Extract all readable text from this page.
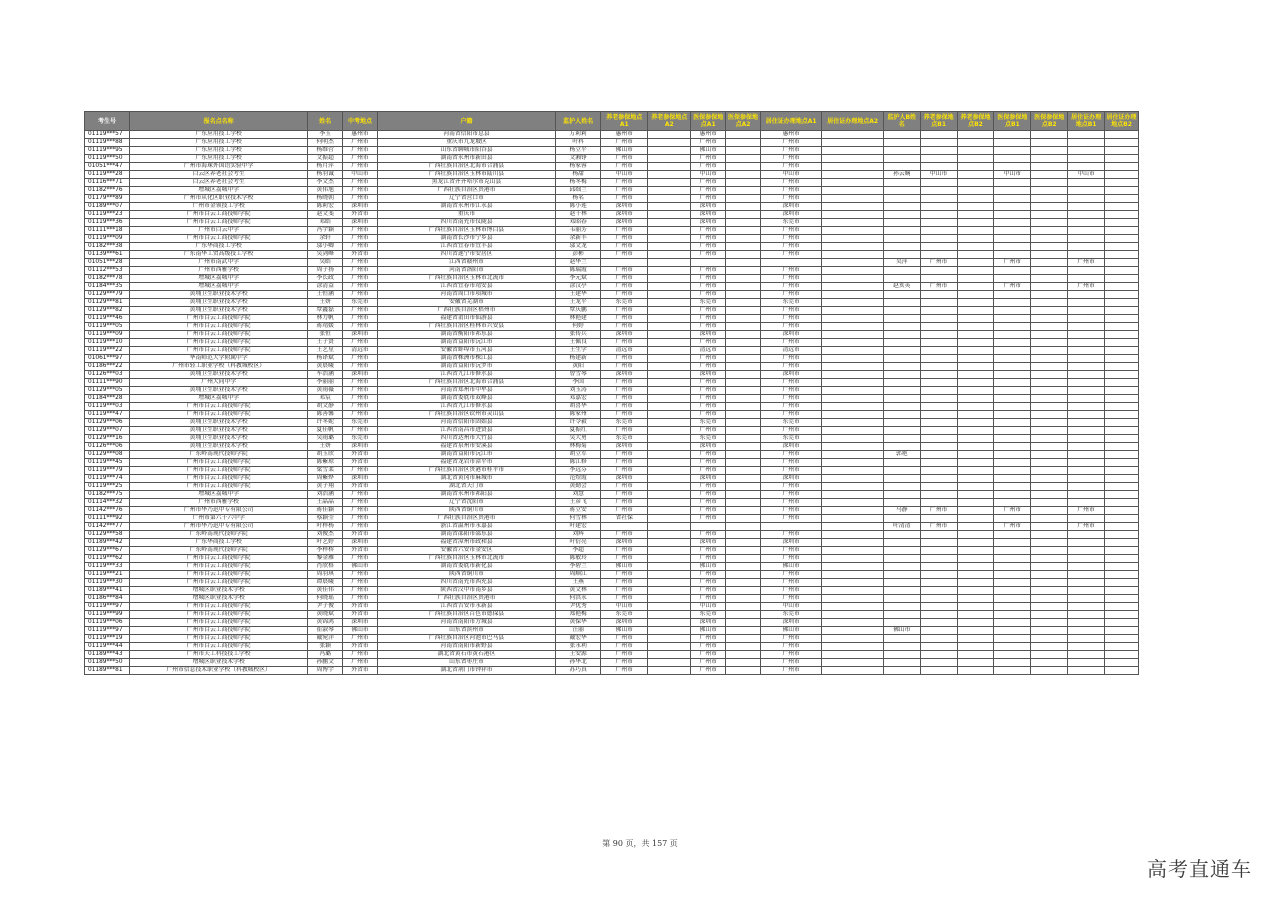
考生号	报名点名称	姓名	中考地点	户籍	监护人姓名	养老参保地点A1	养老参保地点A2	医保参保地点A1	医保参保地点A2	居住证办理地点A1	居住证办理地点A2	监护人B姓名	养老参保地点B1	养老参保地点B2	医保参保地点B1	医保参保地点B2	居住证办理地点B1	居住证办理地点B2
01119***57	广东应用技工学校	李玉	惠州市	河南省信阳市息县	万莉莉	惠州市		惠州市		惠州市								
01119***88	广东应用技工学校	何明杰	广州市	重庆市九龙坡区	叶科	广州市		广州市		广州市								
01119***95	广东应用技工学校	杨维营	广州市	山东省聊城市阳谷县	杨立平	佛山市		佛山市		广州市								
01119***50	广东应用技工学校	文振超	广州市	湖南省永州市新田县	文湘铮	广州市		广州市		广州市								
01051***47	广州市海珠外国语实验中学	杨月萍	广州市	广西壮族自治区北海市合浦县	杨家蓉	广州市		广州市		广州市								
01119***28	白云区养老社会考生	杨羽诚	中山市	广西壮族自治区玉林市陆川县	杨甜	中山市		中山市		中山市		孙云娴	中山市		中山市		中山市	
01116***71	白云区养老社会考生	李文杰	广州市	黑龙江省齐齐哈尔市克山县	杨冬梅	广州市		广州市		广州市								
01182***76	增城区荔城中学	黄伟旭	广州市	广西壮族自治区贵港市	邱细兰	广州市		广州市		广州市								
01179***89	广州市从化区职业技术学校	杨晓朝	广州市	辽宁省营口市	杨名	广州市		广州市		广州市								
01189***07	广州市金领技工学校	陈莉宏	深圳市	湖南省永州市江永县	陈小莲	深圳市		深圳市		深圳市								
01119***23	广州市白云工商技师学院	赵文斐	外省市	重庆市	赵千林	深圳市		深圳市		深圳市								
01119***36	广州市白云工商技师学院	邓皓	深圳市	四川省南充市仪陇县	邓昭春	深圳市		深圳市		东莞市								
01111***18	广州市白云中学	冯宇颖	广州市	广西壮族自治区玉林市博白县	韦丽芳	广州市		广州市		广州市								
01119***09	广州市白云工商技师学院	余轩	广州市	湖南省长沙市宁乡县	余新丰	广州市		广州市		广州市								
01182***38	广东华商技工学校	邬小卿	广州市	江西省宜春市宜丰县	邬文龙	广州市		广州市		广州市								
01139***61	广东南华工贸高级技工学校	吴剑峰	外省市	四川省遂宁市安居区	彭彬	广州市		广州市		广州市								
01051***28	广州市南武中学	吴皓	广州市	江西省赣州市	赵华兰							吴萍	广州市		广州市		广州市	
01112***53	广州市西雅学校	周子扬	广州市	河南省洛阳市	陈瑞霞	广州市		广州市		广州市								
01182***78	增城区荔城中学	李长政	广州市	广西壮族自治区玉林市北流市	李元斌	广州市		广州市		广州市								
01184***35	增城区荔城中学	涂清益	广州市	江西省宜春市靖安县	涂汉亭	广州市		广州市		广州市		赵亥英	广州市		广州市		广州市	
01129***79	黄埔卫生职业技术学校	王恒涵	广州市	河南省周口市项城市	王建华	广州市		广州市		广州市								
01129***81	黄埔卫生职业技术学校	王妍	东莞市	安徽省芜湖市	王龙平	东莞市		东莞市		东莞市								
01129***82	黄埔卫生职业技术学校	覃鑫磊	广州市	广西壮族自治区梧州市	覃庆鹏	广州市		广州市		广州市								
01119***46	广州市白云工商技师学院	林力帆	广州市	福建省莆田市仙游县	林艳建	广州市		广州市		广州市								
01119***05	广州市白云工商技师学院	蒋靖媛	广州市	广西壮族自治区桂林市兴安县	何婷	广州市		广州市		广州市								
01119***09	广州市白云工商技师学院	张恒	深圳市	湖南省衡阳市祁东县	张传兵	深圳市		深圳市		深圳市								
01119***10	广州市白云工商技师学院	王子贤	广州市	湖南省益阳市沅江市	王佩良	广州市		广州市		广州市								
01119***22	广州市白云工商技师学院	王艺星	清远市	安徽省蚌埠市五河县	王生学	清远市		清远市		清远市								
01061***97	华南师范大学附属中学	杨译斌	广州市	湖南省株洲市株江县	杨建新	广州市		广州市		广州市								
01186***22	广州市轻工职业学校（科教城校区）	黄晨曦	广州市	湖南省益阳市沅罗市	黄阳	广州市		广州市		广州市								
01126***03	黄埔卫生职业技术学校	车浩涵	深圳市	江西省九江市修水县	曾雪琴	深圳市		深圳市		深圳市								
01111***90	广州大同中学	李丽丽	广州市	广西壮族自治区北海市合浦县	李国	广州市		广州市		广州市								
01129***05	黄埔卫生职业技术学校	黄雨薇	广州市	河南省郑州市中牟县	刘玉涛	广州市		广州市		广州市								
01184***28	增城区荔城中学	邓宸	广州市	湖南省娄底市双峰县	邓嘉宏	广州市		广州市		广州市								
01119***03	广州市白云工商技师学院	胡文静	广州市	江西省九江市修水县	胡喜华	广州市		广州市		广州市								
01119***47	广州市白云工商技师学院	陈善馨	广州市	广西壮族自治区钦州市灵山县	陈家州	广州市		广州市		广州市								
01129***06	黄埔卫生职业技术学校	许冬妮	东莞市	河南省信阳市固始县	许令毅	东莞市		东莞市		东莞市								
01129***07	黄埔卫生职业技术学校	夏佳帆	广州市	江西省南昌市进贤县	夏振红	广州市		广州市		广州市								
01129***16	黄埔卫生职业技术学校	吴雨璐	东莞市	四川省达州市大竹县	吴大勇	东莞市		东莞市		东莞市								
01126***06	黄埔卫生职业技术学校	王妍	深圳市	福建省泉州市安溪县	林梅菊	深圳市		深圳市		深圳市								
01129***08	广东岭南现代技师学院	胡玉欣	外省市	湖南省益阳市沅江市	胡立军	广州市		广州市		广州市		郭艳						
01119***45	广州市白云工商技师学院	陈紫琼	外省市	福建省龙岩市漳平市	陈江修	广州市		广州市		广州市								
01119***79	广州市白云工商技师学院	梁雪柔	广州市	广西壮族自治区贵港市桂平市	李远芬	广州市		广州市		广州市								
01119***74	广州市白云工商技师学院	周紫烨	深圳市	湖北省黄冈市麻城市	范煜霞	深圳市		深圳市		深圳市								
01119***25	广州市白云工商技师学院	黄子翔	外省市	湖北省天门市	黄勤会	广州市		广州市		广州市								
01182***75	增城区荔城中学	刘浩涵	广州市	湖南省永州市祁阳县	刘慧	广州市		广州市		广州市								
01114***32	广州市西雅学校	王晶晶	广州市	辽宁省沈阳市	王彦飞	广州市		广州市		广州市								
01142***76	广州市华乃迅中专有限公司	蒋佳颖	广州市	陕西省铜川市	蒋立安	广州市		广州市		广州市		马静	广州市		广州市		广州市	
01111***92	广州市第六十六中学	蔡颖莹	广州市	广西壮族自治区贵港市	何雪林	省社保		广州市		广州市								
01142***77	广州市华乃迅中专有限公司	叶梓杨	广州市	浙江省温州市永嘉县	叶建宏							叶清清	广州市		广州市		广州市	
01129***58	广东岭南现代技师学院	刘俊杰	外省市	湖南省邵阳市邵东县	刘辉	广州市		广州市		广州市								
01189***42	广东华商技工学校	叶艺婷	深圳市	福建省漳州市政和县	叶衍亮	深圳市		深圳市		深圳市								
01129***67	广东岭南现代技师学院	李梓桥	外省市	安徽省六安市金安区	李超	广州市		广州市		广州市								
01119***62	广州市白云工商技师学院	黎金雁	广州市	广西壮族自治区玉林市北流市	陈敏玲	广州市		广州市		广州市								
01119***33	广州市白云工商技师学院	肖欣格	佛山市	湖南省娄底市新化县	李碧兰	佛山市		佛山市		佛山市								
01119***21	广州市白云工商技师学院	周羽琪	广州市	陕西省铜川市	周顺江	广州市		广州市		广州市								
01119***30	广州市白云工商技师学院	谭晨曦	广州市	四川省南充市西充县	王燕	广州市		广州市		广州市								
01189***41	增城区职业技术学校	黄佳伟	广州市	陕西省汉中市南乡县	黄文林	广州市		广州市		广州市								
01186***84	增城区职业技术学校	何晓瑶	广州市	广西壮族自治区贵港市	何洪永	广州市		广州市		广州市								
01119***97	广州市白云工商技师学院	尹子俊	外省市	江西省吉安市永新县	尹优秀	中山市		中山市		中山市								
01119***99	广州市白云工商技师学院	黄晓斌	外省市	广西壮族自治区百色市德保县	郑艳梅	东莞市		东莞市		东莞市								
01119***06	广州市白云工商技师学院	黄锦鸿	深圳市	河南省南阳市方城县	黄保华	深圳市		深圳市		深圳市								
01119***97	广州市白云工商技师学院	崔淑琴	佛山市	山东省滨州市	汪丽	佛山市		佛山市		佛山市		佛山市						
01119***19	广州市白云工商技师学院	戴宛洋	广州市	广西壮族自治区河池市巴马县	戴宏华	广州市		广州市		广州市								
01119***44	广州市白云工商技师学院	张颖	外省市	河南省南阳市新野县	张永利	广州市		广州市		广州市								
01189***43	广州市天工科技技工学校	冯璐	广州市	湖北省黄石市黄石港区	王安源	广州市		广州市		广州市								
01189***50	增城区职业技术学校	孙鹏文	广州市	山东省枣庄市	孙华北	广州市		广州市		广州市								
01189***81	广州市信息技术职业学校（科教城校区）	周博宇	外省市	湖北省荆门市钟祥市	苏巧真	广州市		广州市		广州市								
第 90 页，共 157 页
高考直通车
